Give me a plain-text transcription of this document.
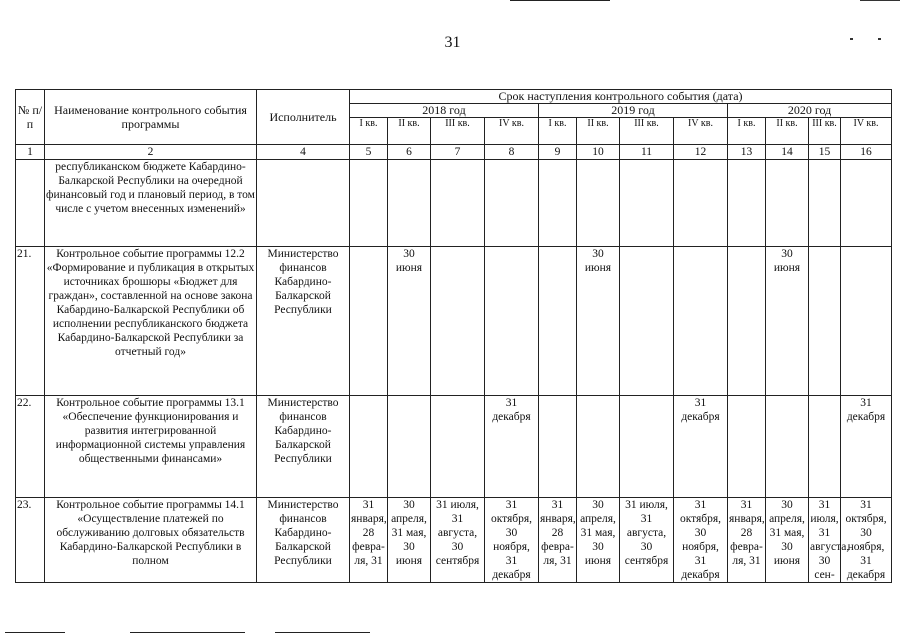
31
№ п/п	Наименование контрольного события программы	Исполнитель	Срок наступления контрольного события (дата)											
			2018 год				2019 год				2020 год			
			I кв.	II кв.	III кв.	IV кв.	I кв.	II кв.	III кв.	IV кв.	I кв.	II кв.	III кв.	IV кв.
1	2	4	5	6	7	8	9	10	11	12	13	14	15	16
	республиканском бюджете Кабардино-Балкарской Республики на очередной финансовый год и плановый период, в том числе с учетом внесенных изменений»													
21.	Контрольное событие программы 12.2 «Формирование и публикация в открытых источниках брошюры «Бюджет для граждан», составленной на основе закона Кабардино-Балкарской Республики об исполнении республиканского бюджета Кабардино-Балкарской Республики за отчетный год»	Министерство финансов Кабардино-Балкарской Республики		30 июня				30 июня				30 июня		
22.	Контрольное событие программы 13.1 «Обеспечение функционирования и развития интегрированной информационной системы управления общественными финансами»	Министерство финансов Кабардино-Балкарской Республики				31 декабря				31 декабря				31 декабря
23.	Контрольное событие программы 14.1 «Осуществление платежей по обслуживанию долговых обязательств Кабардино-Балкарской Республики в полном	Министерство финансов Кабардино-Балкарской Республики	31 января, 28 февра-ля, 31	30 апреля, 31 мая, 30 июня	31 июля, 31 августа, 30 сентября	31 октября, 30 ноября, 31 декабря	31 января, 28 февра-ля, 31	30 апреля, 31 мая, 30 июня	31 июля, 31 августа, 30 сентября	31 октября, 30 ноября, 31 декабря	31 января, 28 февра-ля, 31	30 апреля, 31 мая, 30 июня	31 июля, 31 августа, 30 сен-	31 октября, 30 ноября, 31 декабря
